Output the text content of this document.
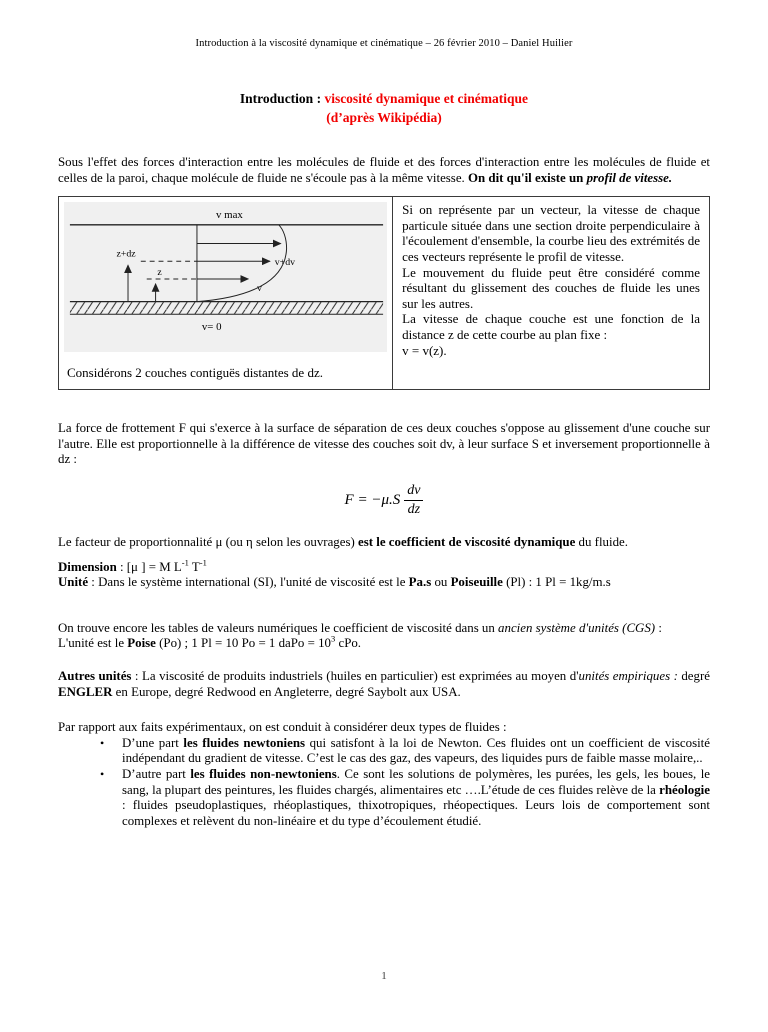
Introduction à la viscosité dynamique et cinématique – 26 février 2010 – Daniel Huilier
Introduction : viscosité dynamique et cinématique
(d’après Wikipédia)

Sous l'effet des forces d'interaction entre les molécules de fluide et des forces d'interaction entre les molécules de fluide et celles de la paroi, chaque molécule de fluide ne s'écoule pas à la même vitesse. On dit qu'il existe un profil de vitesse.

v max
v+dv
v
z+dz
z
v= 0
Considérons 2 couches contiguës distantes de dz.

Si on représente par un vecteur, la vitesse de chaque particule située dans une section droite perpendiculaire à l'écoulement d'ensemble, la courbe lieu des extrémités de ces vecteurs représente le profil de vitesse.

Le mouvement du fluide peut être considéré comme résultant du glissement des couches de fluide les unes sur les autres.

La vitesse de chaque couche est une fonction de la distance z de cette courbe au plan fixe :

v = v(z).

La force de frottement F qui s'exerce à la surface de séparation de ces deux couches s'oppose au glissement d'une couche sur l'autre. Elle est proportionnelle à la différence de vitesse des couches soit dv, à leur surface S et inversement proportionnelle à dz :

$F = -\mu.S \frac{dv}{dz}$

Le facteur de proportionnalité μ (ou η selon les ouvrages) est le coefficient de viscosité dynamique du fluide.

Dimension : [μ ] = M $L^{-1}$ $T^{-1}$

Unité : Dans le système international (SI), l'unité de viscosité est le Pa.s ou Poiseuille (Pl) : 1 Pl = 1kg/m.s

On trouve encore les tables de valeurs numériques le coefficient de viscosité dans un ancien système d'unités (CGS) :

L'unité est le Poise (Po) ; 1 Pl = 10 Po = 1 daPo = $10^3$ cPo.

Autres unités : La viscosité de produits industriels (huiles en particulier) est exprimées au moyen d'unités empiriques : degré ENGLER en Europe, degré Redwood en Angleterre, degré Saybolt aux USA.

Par rapport aux faits expérimentaux, on est conduit à considérer deux types de fluides :

• D’une part les fluides newtoniens qui satisfont à la loi de Newton. Ces fluides ont un coefficient de viscosité indépendant du gradient de vitesse. C’est le cas des gaz, des vapeurs, des liquides purs de faible masse molaire,..
• D’autre part les fluides non-newtoniens. Ce sont les solutions de polymères, les purées, les gels, les boues, le sang, la plupart des peintures, les fluides chargés, alimentaires etc ….L’étude de ces fluides relève de la rhéologie : fluides pseudoplastiques, rhéoplastiques, thixotropiques, rhéopectiques. Leurs lois de comportement sont complexes et relèvent du non-linéaire et du type d’écoulement étudié.
1
